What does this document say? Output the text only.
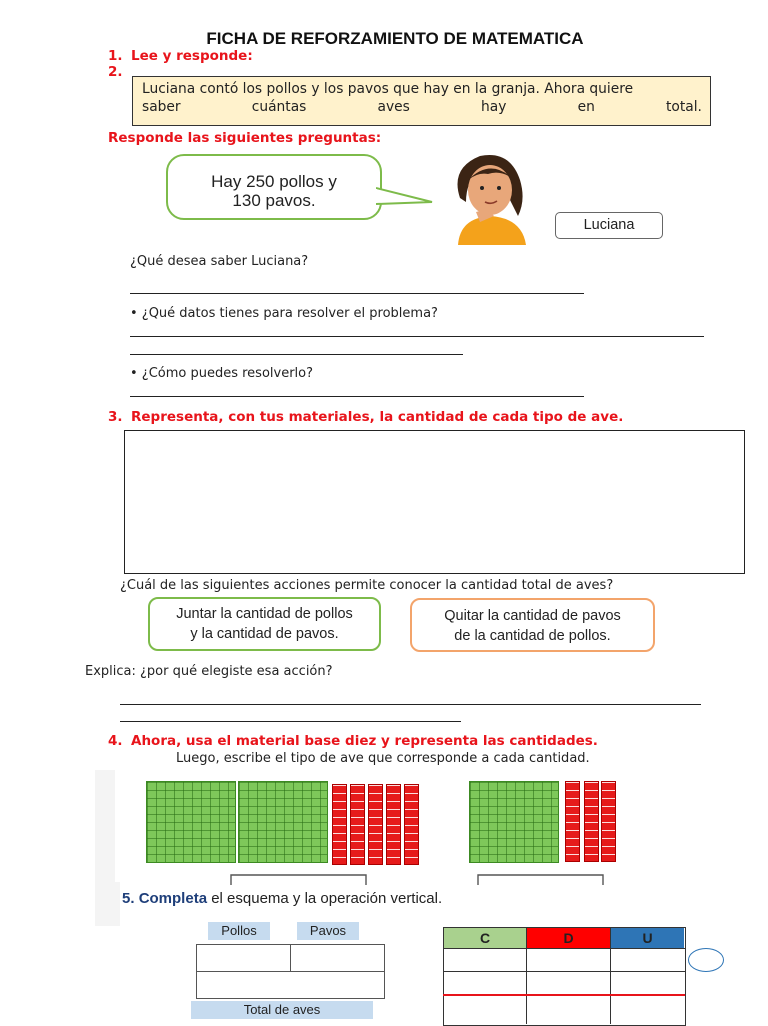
FICHA DE REFORZAMIENTO DE MATEMATICA
1. Lee y responde:
2.
Luciana contó los pollos y los pavos que hay en la granja. Ahora quiere
saber	cuántas	aves	hay	en	total.
Responde las siguientes preguntas:
Hay 250 pollos y
130 pavos.
Luciana
¿Qué desea saber Luciana?
• ¿Qué datos tienes para resolver el problema?
• ¿Cómo puedes resolverlo?
3. Representa, con tus materiales, la cantidad de cada tipo de ave.
¿Cuál de las siguientes acciones permite conocer la cantidad total de aves?
Juntar la cantidad de pollos
y la cantidad de pavos.
Quitar la cantidad de pavos
de la cantidad de pollos.
Explica: ¿por qué elegiste esa acción?
4. Ahora, usa el material base diez y representa las cantidades.
Luego, escribe el tipo de ave que corresponde a cada cantidad.
5. Completa el esquema y la operación vertical.
Pollos	Pavos
Total de aves
C	D	U
